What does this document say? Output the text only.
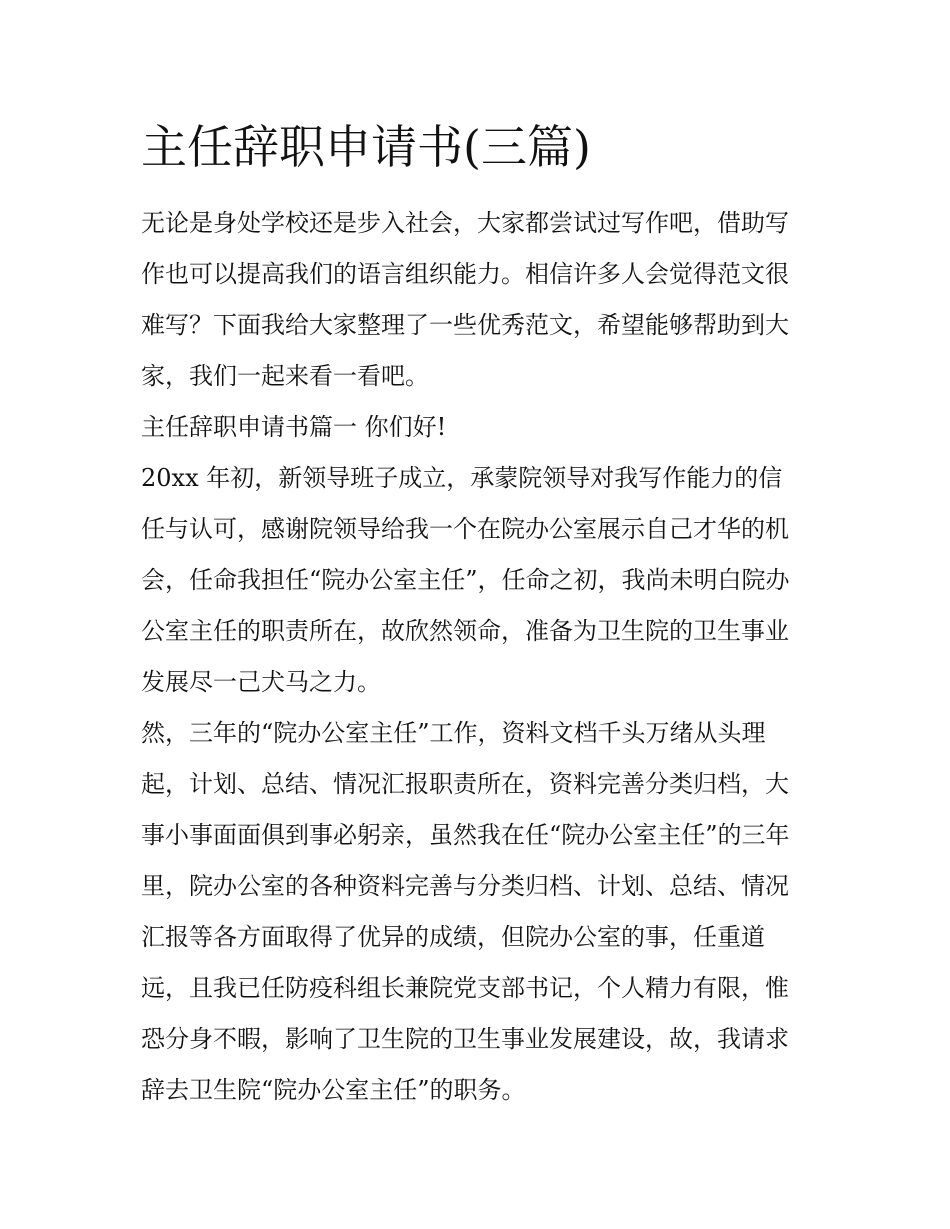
主任辞职申请书(三篇)
无论是身处学校还是步入社会，大家都尝试过写作吧，借助写
作也可以提高我们的语言组织能力。相信许多人会觉得范文很
难写？下面我给大家整理了一些优秀范文，希望能够帮助到大
家，我们一起来看一看吧。
主任辞职申请书篇一 你们好!
20xx 年初，新领导班子成立，承蒙院领导对我写作能力的信
任与认可，感谢院领导给我一个在院办公室展示自己才华的机
会，任命我担任“院办公室主任”，任命之初，我尚未明白院办
公室主任的职责所在，故欣然领命，准备为卫生院的卫生事业
发展尽一己犬马之力。
然，三年的“院办公室主任”工作，资料文档千头万绪从头理
起，计划、总结、情况汇报职责所在，资料完善分类归档，大
事小事面面俱到事必躬亲，虽然我在任“院办公室主任”的三年
里，院办公室的各种资料完善与分类归档、计划、总结、情况
汇报等各方面取得了优异的成绩，但院办公室的事，任重道
远，且我已任防疫科组长兼院党支部书记，个人精力有限，惟
恐分身不暇，影响了卫生院的卫生事业发展建设，故，我请求
辞去卫生院“院办公室主任”的职务。
